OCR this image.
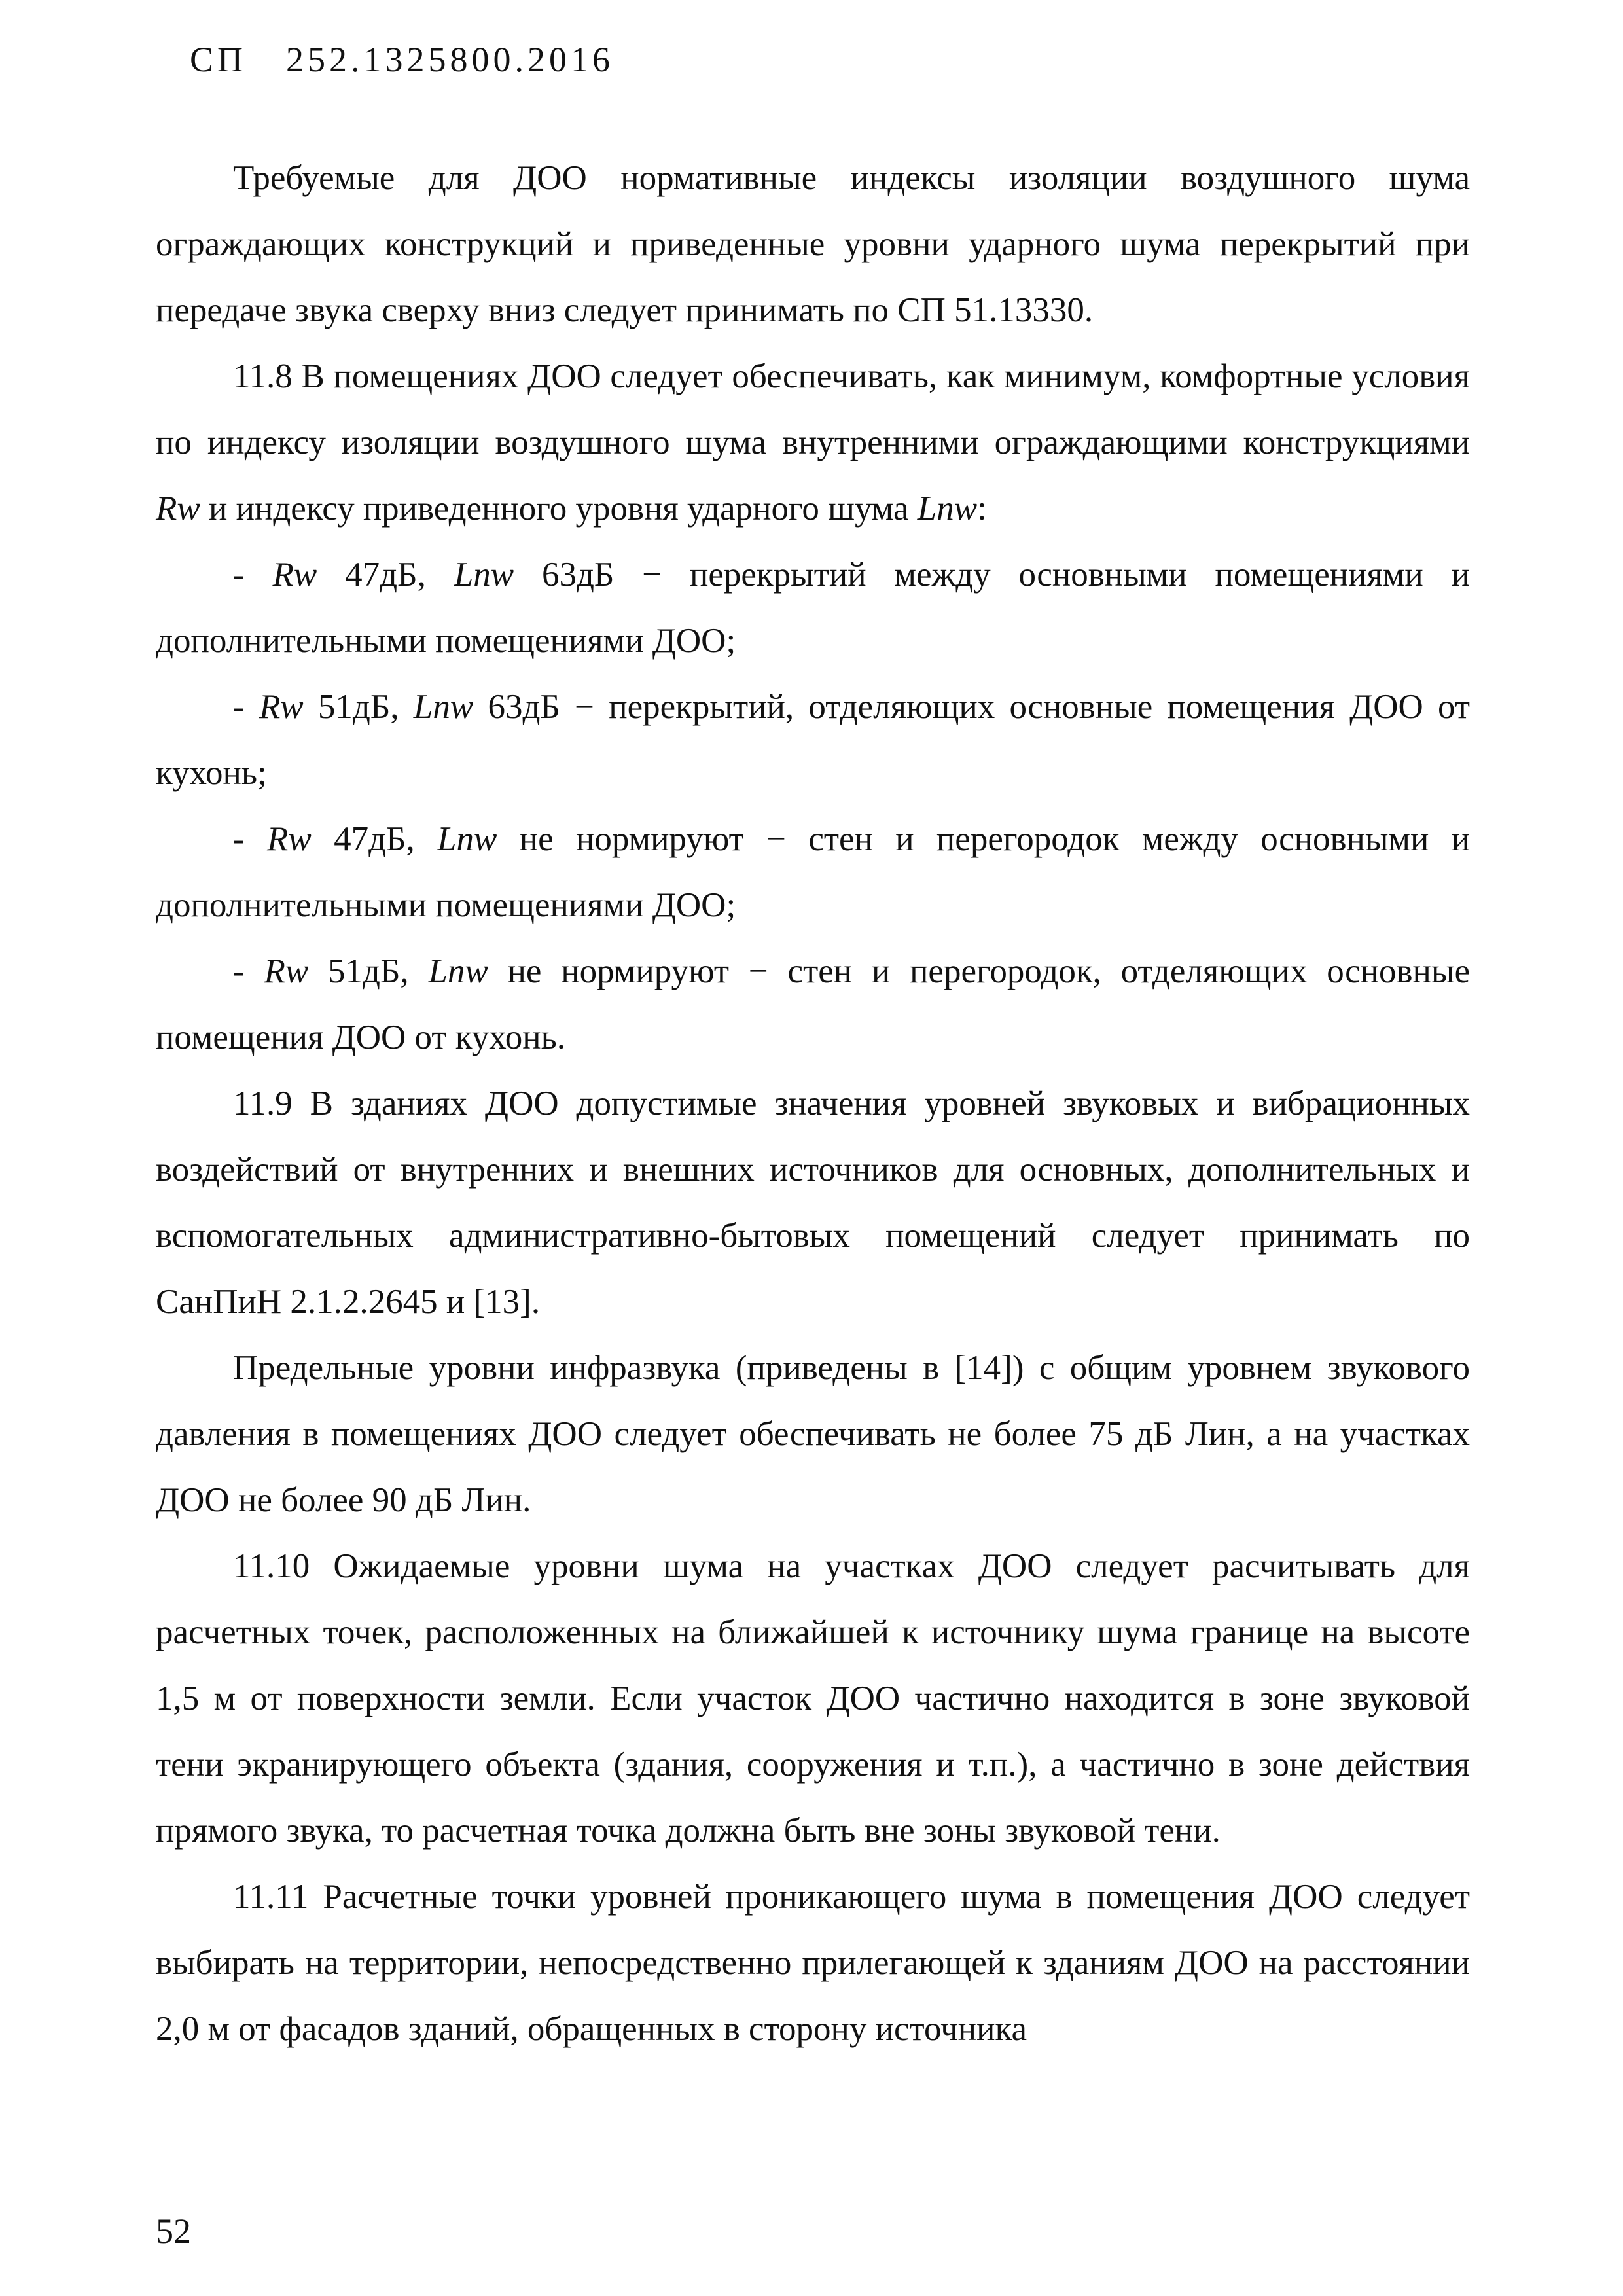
СП 252.1325800.2016

Требуемые для ДОО нормативные индексы изоляции воздушного шума ограждающих конструкций и приведенные уровни ударного шума перекрытий при передаче звука сверху вниз следует принимать по СП 51.13330.

11.8 В помещениях ДОО следует обеспечивать, как минимум, комфортные условия по индексу изоляции воздушного шума внутренними ограждающими конструкциями Rw и индексу приведенного уровня ударного шума Lnw:

- Rw 47дБ, Lnw 63дБ − перекрытий между основными помещениями и дополнительными помещениями ДОО;

- Rw 51дБ, Lnw 63дБ − перекрытий, отделяющих основные помещения ДОО от кухонь;

- Rw 47дБ, Lnw не нормируют − стен и перегородок между основными и дополнительными помещениями ДОО;

- Rw 51дБ, Lnw не нормируют − стен и перегородок, отделяющих основные помещения ДОО от кухонь.

11.9 В зданиях ДОО допустимые значения уровней звуковых и вибрационных воздействий от внутренних и внешних источников для основных, дополнительных и вспомогательных административно-бытовых помещений следует принимать по СанПиН 2.1.2.2645 и [13].

Предельные уровни инфразвука (приведены в [14]) с общим уровнем звукового давления в помещениях ДОО следует обеспечивать не более 75 дБ Лин, а на участках ДОО не более 90 дБ Лин.

11.10 Ожидаемые уровни шума на участках ДОО следует расчитывать для расчетных точек, расположенных на ближайшей к источнику шума границе на высоте 1,5 м от поверхности земли. Если участок ДОО частично находится в зоне звуковой тени экранирующего объекта (здания, сооружения и т.п.), а частично в зоне действия прямого звука, то расчетная точка должна быть вне зоны звуковой тени.

11.11 Расчетные точки уровней проникающего шума в помещения ДОО следует выбирать на территории, непосредственно прилегающей к зданиям ДОО на расстоянии 2,0 м от фасадов зданий, обращенных в сторону источника

52
